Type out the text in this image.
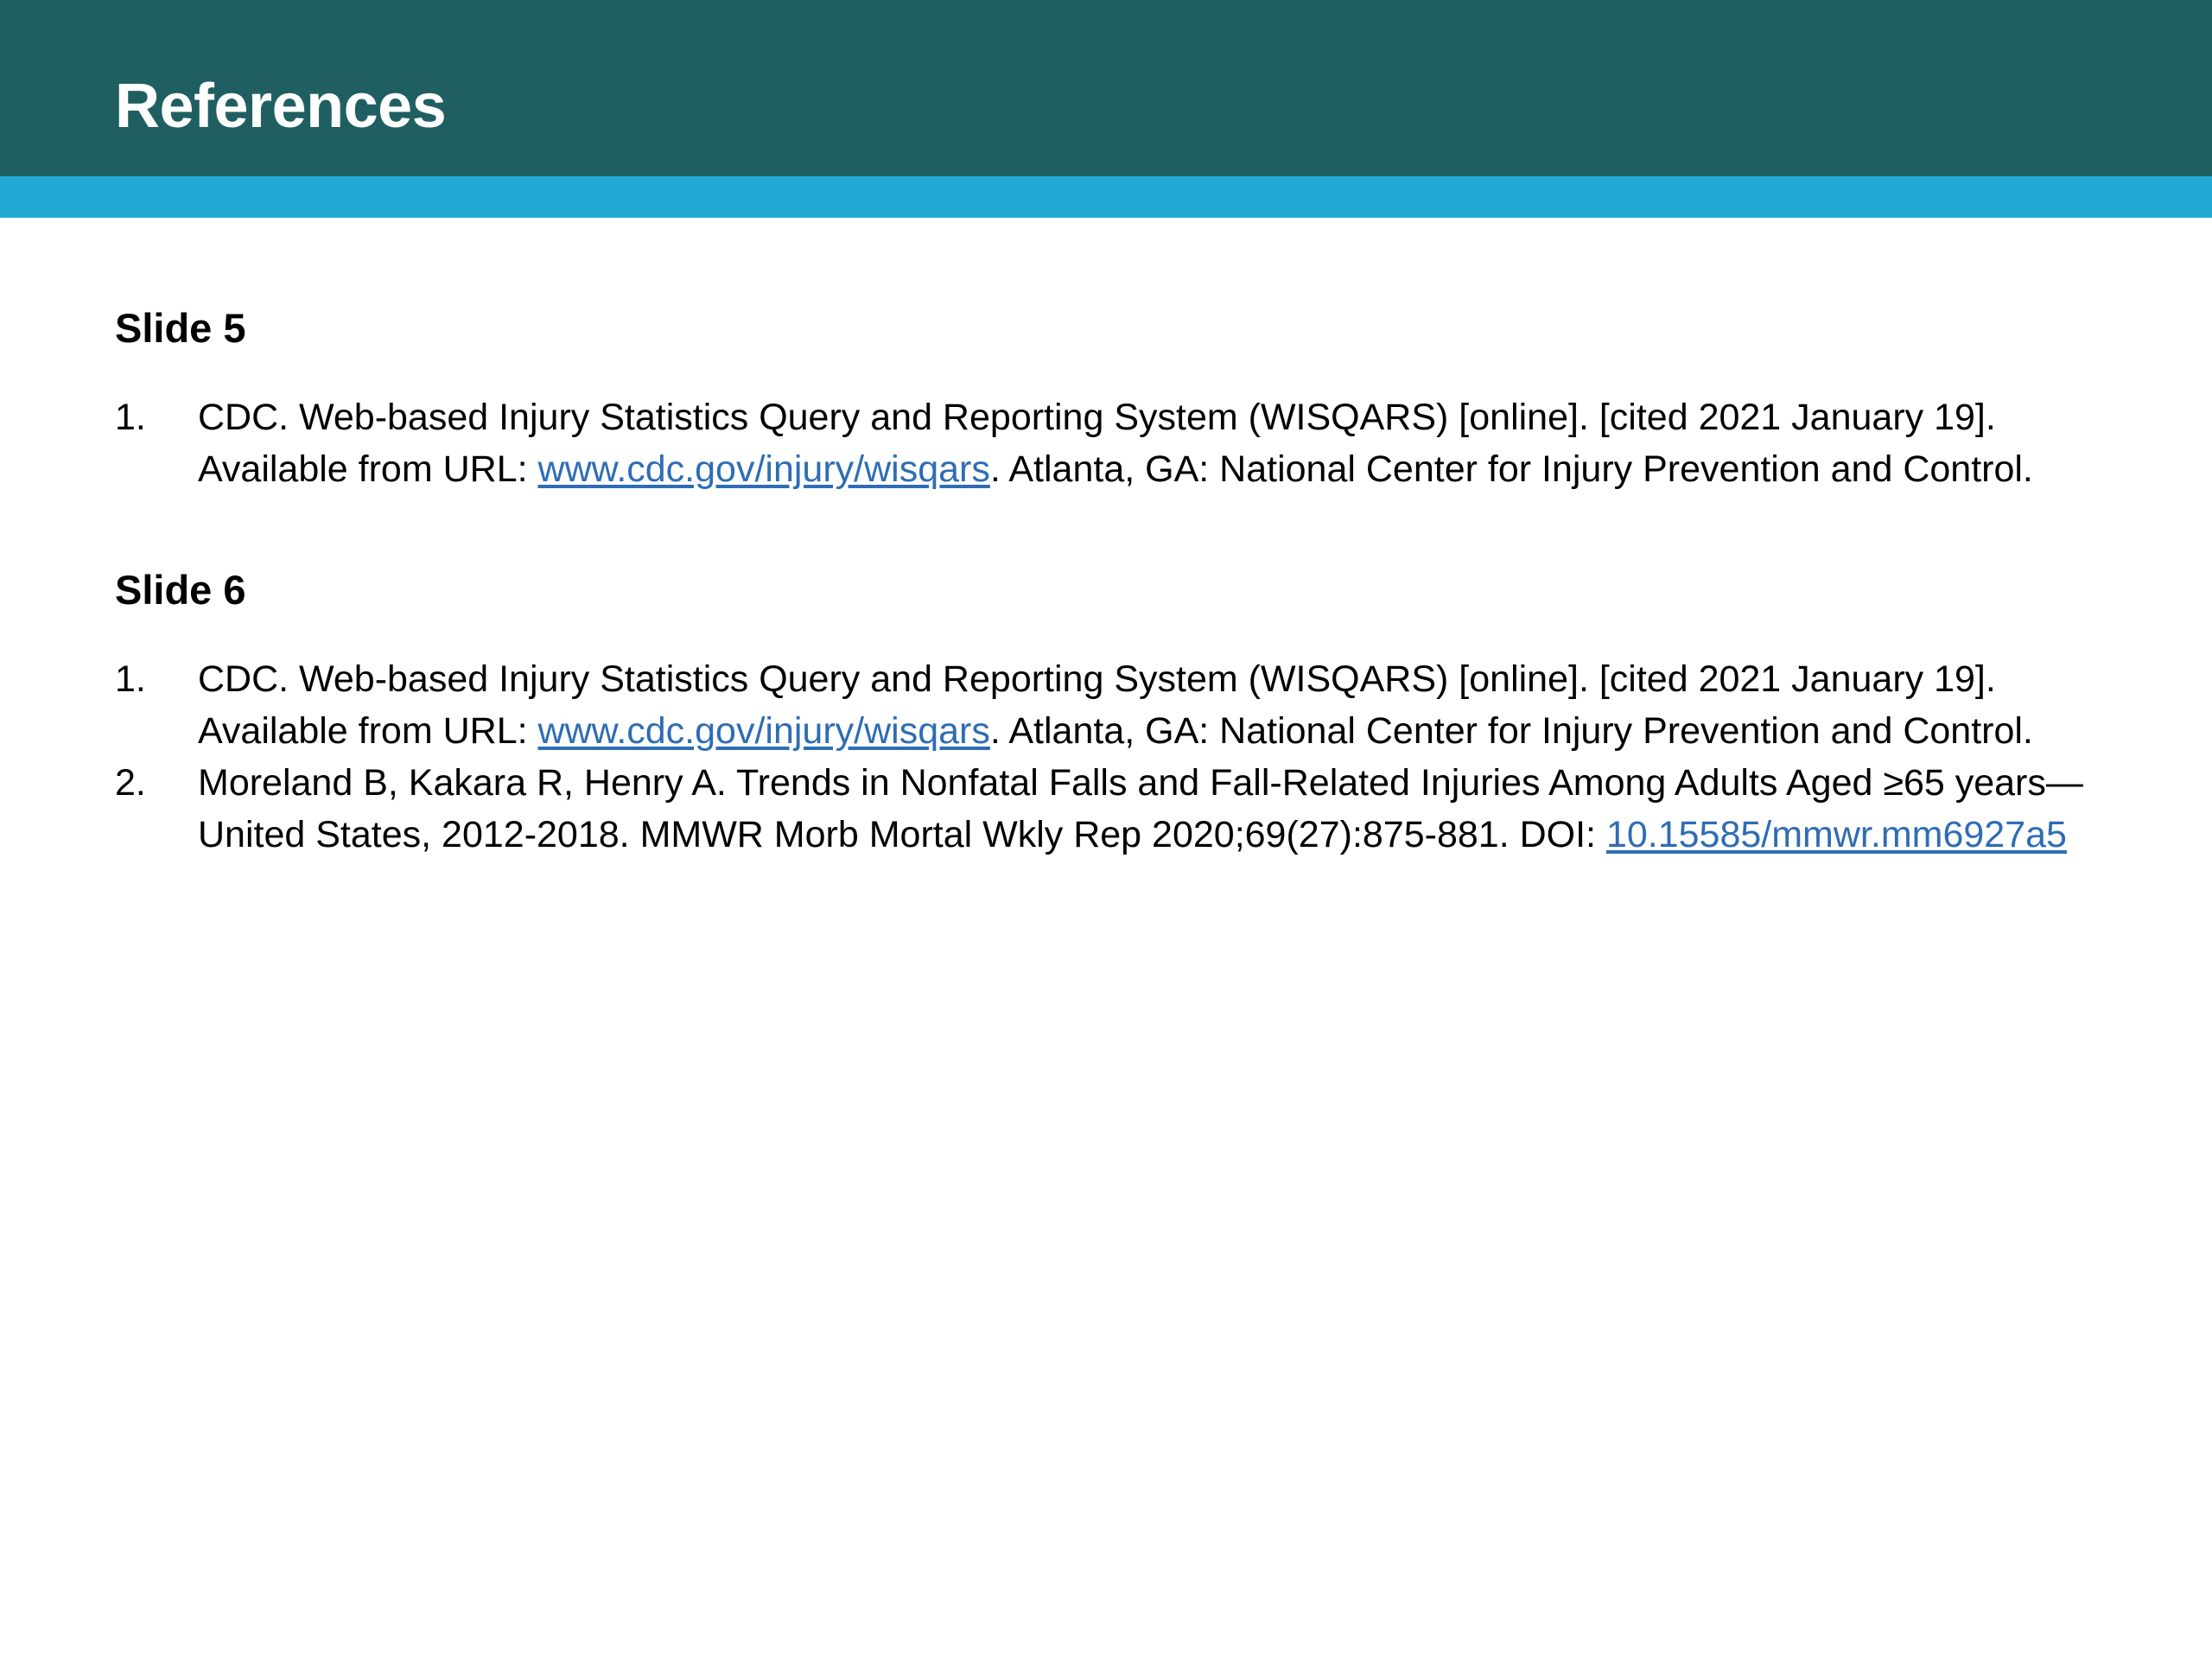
References
Slide 5
1.	CDC. Web-based Injury Statistics Query and Reporting System (WISQARS) [online]. [cited 2021 January 19]. Available from URL: www.cdc.gov/injury/wisqars. Atlanta, GA: National Center for Injury Prevention and Control.
Slide 6
1.	CDC. Web-based Injury Statistics Query and Reporting System (WISQARS) [online]. [cited 2021 January 19]. Available from URL: www.cdc.gov/injury/wisqars. Atlanta, GA: National Center for Injury Prevention and Control.
2.	Moreland B, Kakara R, Henry A. Trends in Nonfatal Falls and Fall-Related Injuries Among Adults Aged ≥65 years—United States, 2012-2018. MMWR Morb Mortal Wkly Rep 2020;69(27):875-881. DOI: 10.15585/mmwr.mm6927a5
